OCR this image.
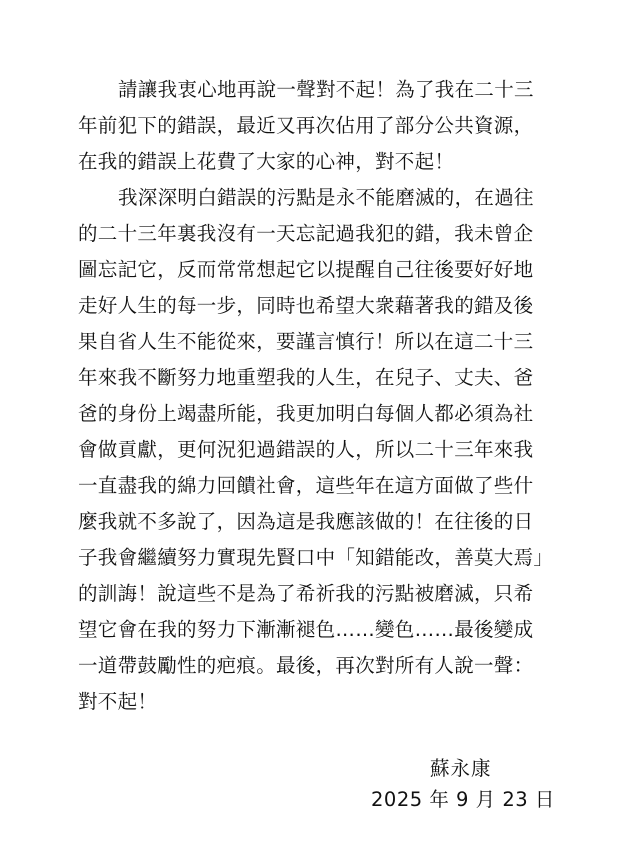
請讓我衷心地再說一聲對不起！為了我在二十三
年前犯下的錯誤，最近又再次佔用了部分公共資源，
在我的錯誤上花費了大家的心神，對不起！
我深深明白錯誤的污點是永不能磨滅的，在過往
的二十三年裏我沒有一天忘記過我犯的錯，我未曾企
圖忘記它，反而常常想起它以提醒自己往後要好好地
走好人生的每一步，同時也希望大衆藉著我的錯及後
果自省人生不能從來，要謹言慎行！所以在這二十三
年來我不斷努力地重塑我的人生，在兒子、丈夫、爸
爸的身份上竭盡所能，我更加明白每個人都必須為社
會做貢獻，更何況犯過錯誤的人，所以二十三年來我
一直盡我的綿力回饋社會，這些年在這方面做了些什
麼我就不多說了，因為這是我應該做的！在往後的日
子我會繼續努力實現先賢口中「知錯能改，善莫大焉」
的訓誨！說這些不是為了希祈我的污點被磨滅，只希
望它會在我的努力下漸漸褪色……變色……最後變成
一道帶鼓勵性的疤痕。最後，再次對所有人說一聲：
對不起！
蘇永康
2025 年 9 月 23 日
